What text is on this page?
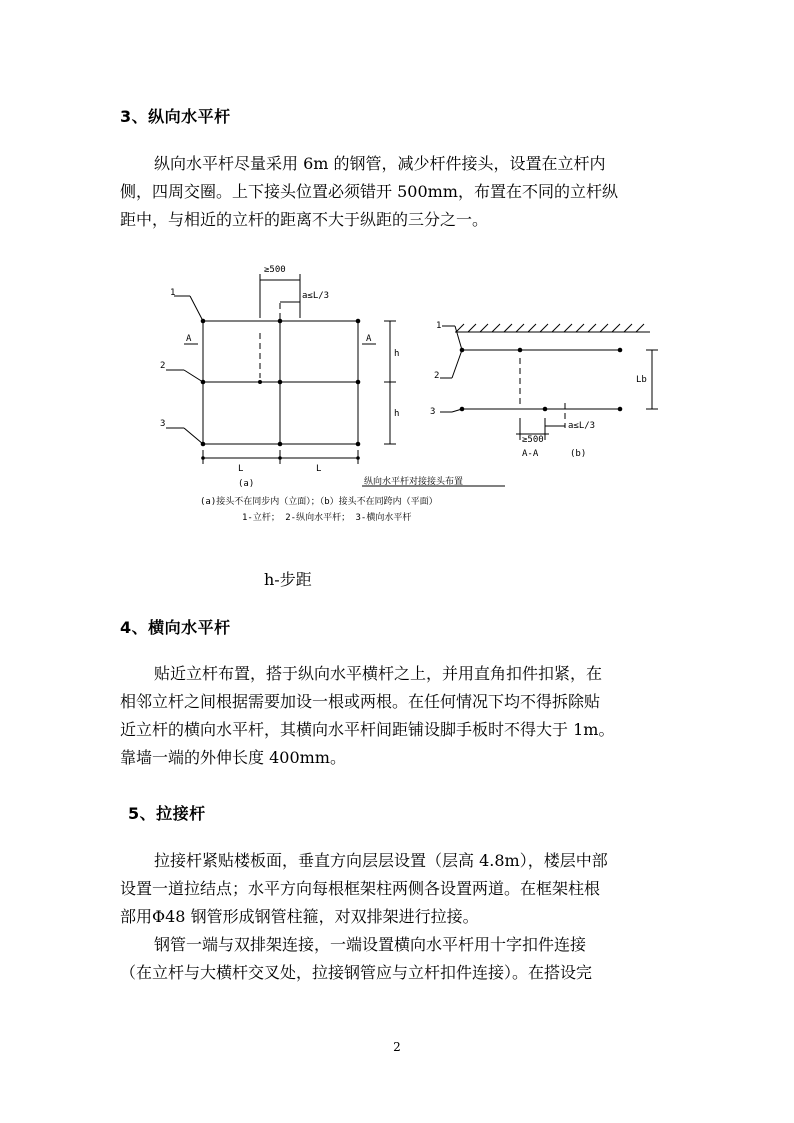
3、纵向水平杆
纵向水平杆尽量采用 6m 的钢管，减少杆件接头，设置在立杆内
侧，四周交圈。上下接头位置必须错开 500mm，布置在不同的立杆纵
距中，与相近的立杆的距离不大于纵距的三分之一。
≥500
a≤L/3
1
2
3
A	A
h
h
L	L
(a)
1
2
3
Lb
a≤L/3
≥500
A-A	(b)
纵向水平杆对接接头布置
(a)接头不在同步内（立面）；（b）接头不在同跨内（平面）
1-立杆； 2-纵向水平杆； 3-横向水平杆
h-步距
4、横向水平杆
贴近立杆布置，搭于纵向水平横杆之上，并用直角扣件扣紧，在
相邻立杆之间根据需要加设一根或两根。在任何情况下均不得拆除贴
近立杆的横向水平杆，其横向水平杆间距铺设脚手板时不得大于 1m。
靠墙一端的外伸长度 400mm。
5、拉接杆
拉接杆紧贴楼板面，垂直方向层层设置（层高 4.8m），楼层中部
设置一道拉结点；水平方向每根框架柱两侧各设置两道。在框架柱根
部用Φ48 钢管形成钢管柱箍，对双排架进行拉接。
钢管一端与双排架连接，一端设置横向水平杆用十字扣件连接
（在立杆与大横杆交叉处，拉接钢管应与立杆扣件连接）。在搭设完
2
